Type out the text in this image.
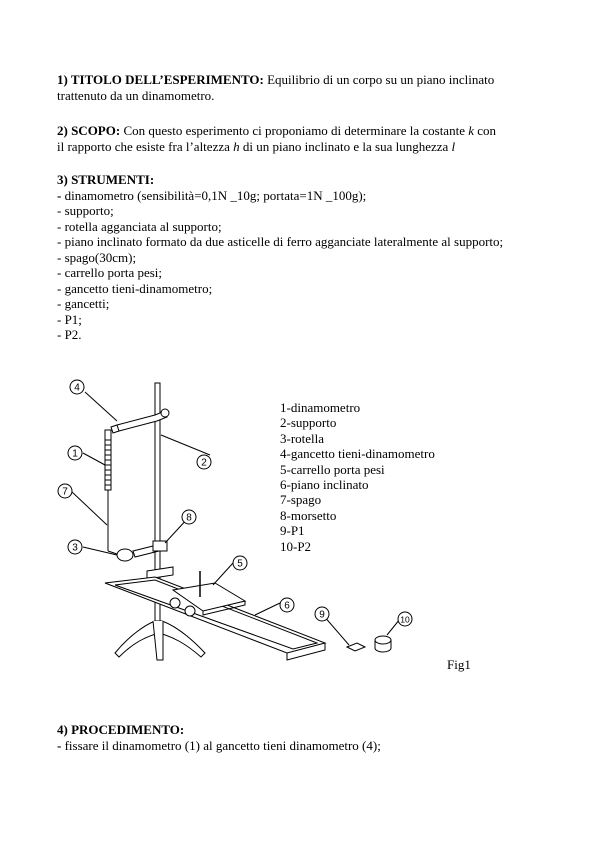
1) TITOLO DELL’ESPERIMENTO: Equilibrio di un corpo su un piano inclinato

trattenuto da un dinamometro.

2) SCOPO: Con questo esperimento ci proponiamo di determinare la costante k con

il rapporto che esiste fra l’altezza h di un piano inclinato e la sua lunghezza l

3) STRUMENTI:

- dinamometro (sensibilità=0,1N _10g; portata=1N _100g);

- supporto;

- rotella agganciata al supporto;

- piano inclinato formato da due asticelle di ferro agganciate lateralmente al supporto;

- spago(30cm);

- carrello porta pesi;

- gancetto tieni-dinamometro;

- gancetti;

- P1;

- P2.

4
2
1
7
3
8
5
6
9	10
1-dinamometro
2-supporto
3-rotella
4-gancetto tieni-dinamometro
5-carrello porta pesi
6-piano inclinato
7-spago
8-morsetto
9-P1
10-P2
Fig1

4) PROCEDIMENTO:

- fissare il dinamometro (1) al gancetto tieni dinamometro (4);
